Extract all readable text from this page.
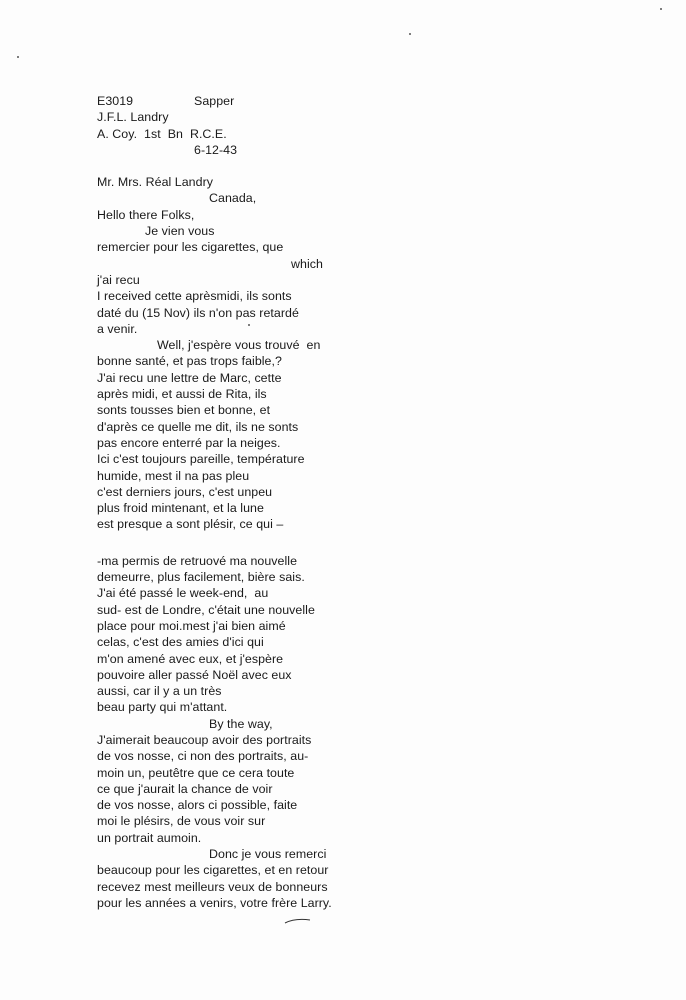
E3019	Sapper
J.F.L. Landry
A. Coy.  1st  Bn  R.C.E.
6-12-43
Mr. Mrs. Réal Landry
Canada,
Hello there Folks,
Je vien vous
remercier pour les cigarettes, que
which
j'ai recu
I received cette aprèsmidi, ils sonts
daté du (15 Nov) ils n'on pas retardé
a venir.
Well, j'espère vous trouvé  en
bonne santé, et pas trops faible,?
J'ai recu une lettre de Marc, cette
après midi, et aussi de Rita, ils
sonts tousses bien et bonne, et
d'après ce quelle me dit, ils ne sonts
pas encore enterré par la neiges.
Ici c'est toujours pareille, température
humide, mest il na pas pleu
c'est derniers jours, c'est unpeu
plus froid mintenant, et la lune
est presque a sont plésir, ce qui –
-ma permis de retruové ma nouvelle
demeurre, plus facilement, bière sais.
J'ai été passé le week-end,  au
sud- est de Londre, c'était une nouvelle
place pour moi.mest j'ai bien aimé
celas, c'est des amies d'ici qui
m'on amené avec eux, et j'espère
pouvoire aller passé Noël avec eux
aussi, car il y a un très
beau party qui m'attant.
By the way,
J'aimerait beaucoup avoir des portraits
de vos nosse, ci non des portraits, au-
moin un, peutêtre que ce cera toute
ce que j'aurait la chance de voir
de vos nosse, alors ci possible, faite
moi le plésirs, de vous voir sur
un portrait aumoin.
Donc je vous remerci
beaucoup pour les cigarettes, et en retour
recevez mest meilleurs veux de bonneurs
pour les années a venirs, votre frère Larry.
